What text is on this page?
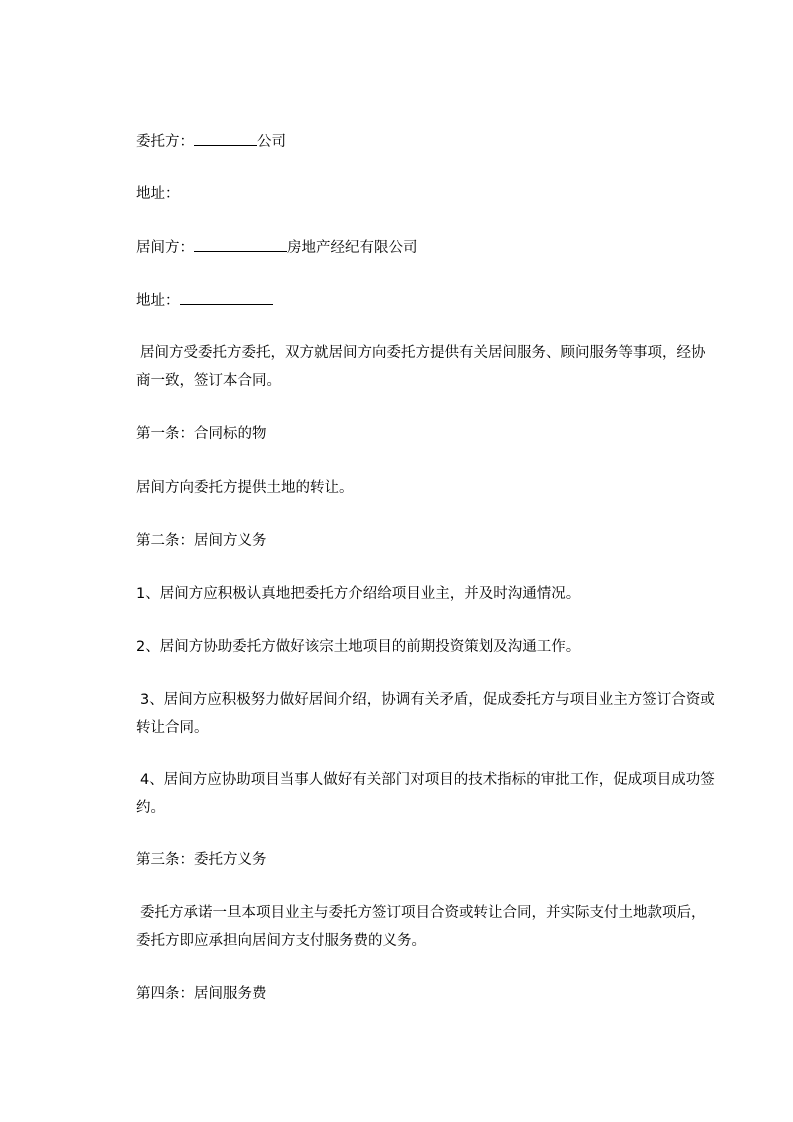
委托方：	公司
地址：
居间方：	房地产经纪有限公司
地址：
居间方受委托方委托，双方就居间方向委托方提供有关居间服务、顾问服务等事项，经协商一致，签订本合同。
第一条：合同标的物
居间方向委托方提供土地的转让。
第二条：居间方义务
1、居间方应积极认真地把委托方介绍给项目业主，并及时沟通情况。
2、居间方协助委托方做好该宗土地项目的前期投资策划及沟通工作。
3、居间方应积极努力做好居间介绍，协调有关矛盾，促成委托方与项目业主方签订合资或转让合同。
4、居间方应协助项目当事人做好有关部门对项目的技术指标的审批工作，促成项目成功签约。
第三条：委托方义务
委托方承诺一旦本项目业主与委托方签订项目合资或转让合同，并实际支付土地款项后，委托方即应承担向居间方支付服务费的义务。
第四条：居间服务费
